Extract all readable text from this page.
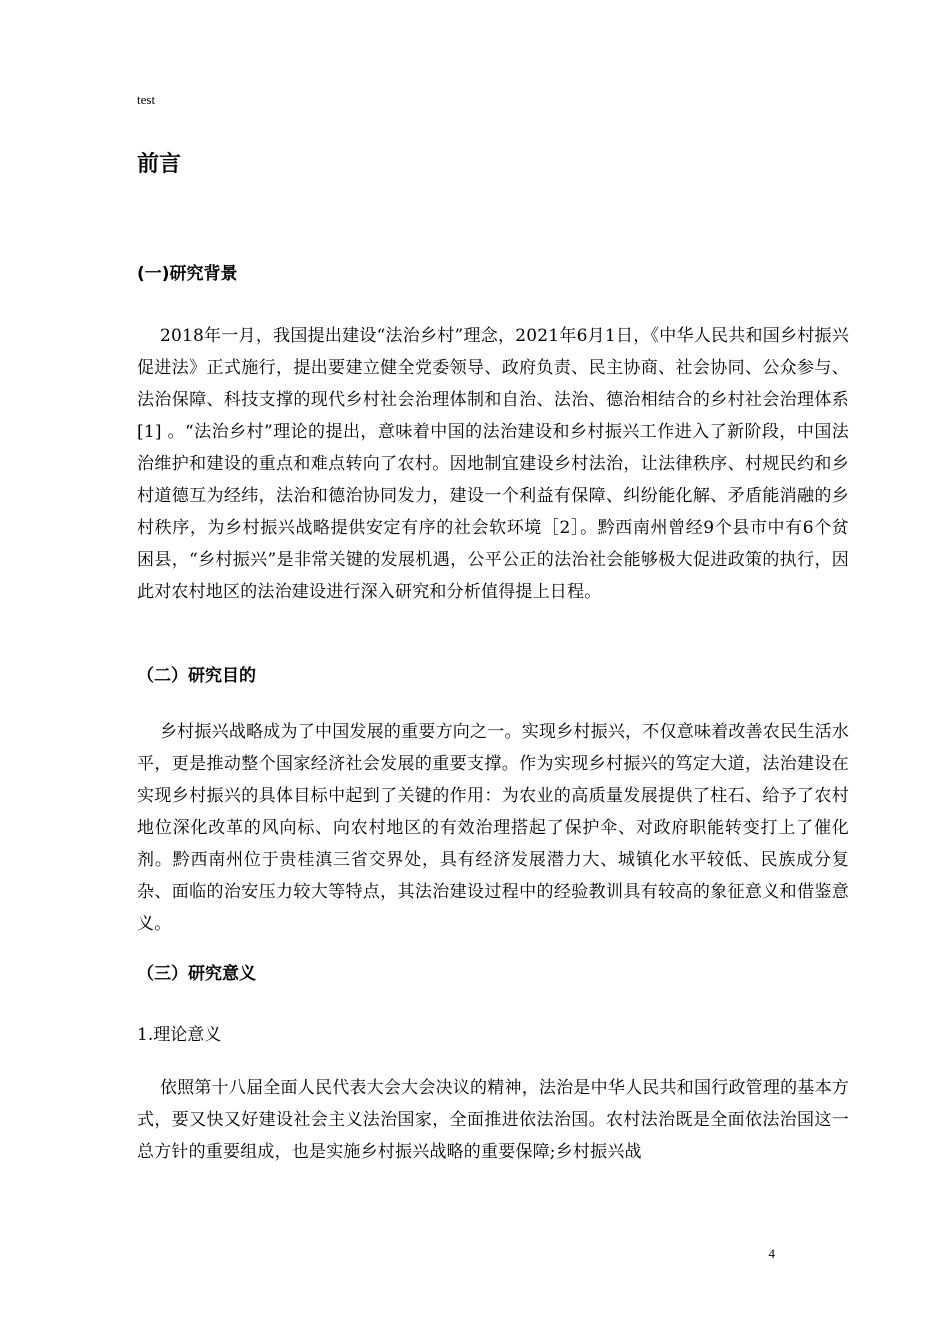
test
前言
(一)研究背景
2018年一月，我国提出建设“法治乡村”理念，2021年6月1日，《中华人民共和国乡村振兴促进法》正式施行，提出要建立健全党委领导、政府负责、民主协商、社会协同、公众参与、法治保障、科技支撑的现代乡村社会治理体制和自治、法治、德治相结合的乡村社会治理体系[1] 。“法治乡村”理论的提出，意味着中国的法治建设和乡村振兴工作进入了新阶段，中国法治维护和建设的重点和难点转向了农村。因地制宜建设乡村法治，让法律秩序、村规民约和乡村道德互为经纬，法治和德治协同发力，建设一个利益有保障、纠纷能化解、矛盾能消融的乡村秩序，为乡村振兴战略提供安定有序的社会软环境［2］。黔西南州曾经9个县市中有6个贫困县，“乡村振兴”是非常关键的发展机遇，公平公正的法治社会能够极大促进政策的执行，因此对农村地区的法治建设进行深入研究和分析值得提上日程。
（二）研究目的
乡村振兴战略成为了中国发展的重要方向之一。实现乡村振兴，不仅意味着改善农民生活水平，更是推动整个国家经济社会发展的重要支撑。作为实现乡村振兴的笃定大道，法治建设在实现乡村振兴的具体目标中起到了关键的作用：为农业的高质量发展提供了柱石、给予了农村地位深化改革的风向标、向农村地区的有效治理搭起了保护伞、对政府职能转变打上了催化剂。黔西南州位于贵桂滇三省交界处，具有经济发展潜力大、城镇化水平较低、民族成分复杂、面临的治安压力较大等特点，其法治建设过程中的经验教训具有较高的象征意义和借鉴意义。
（三）研究意义
1.理论意义
依照第十八届全面人民代表大会大会决议的精神，法治是中华人民共和国行政管理的基本方式，要又快又好建设社会主义法治国家，全面推进依法治国。农村法治既是全面依法治国这一总方针的重要组成，也是实施乡村振兴战略的重要保障;乡村振兴战
4
